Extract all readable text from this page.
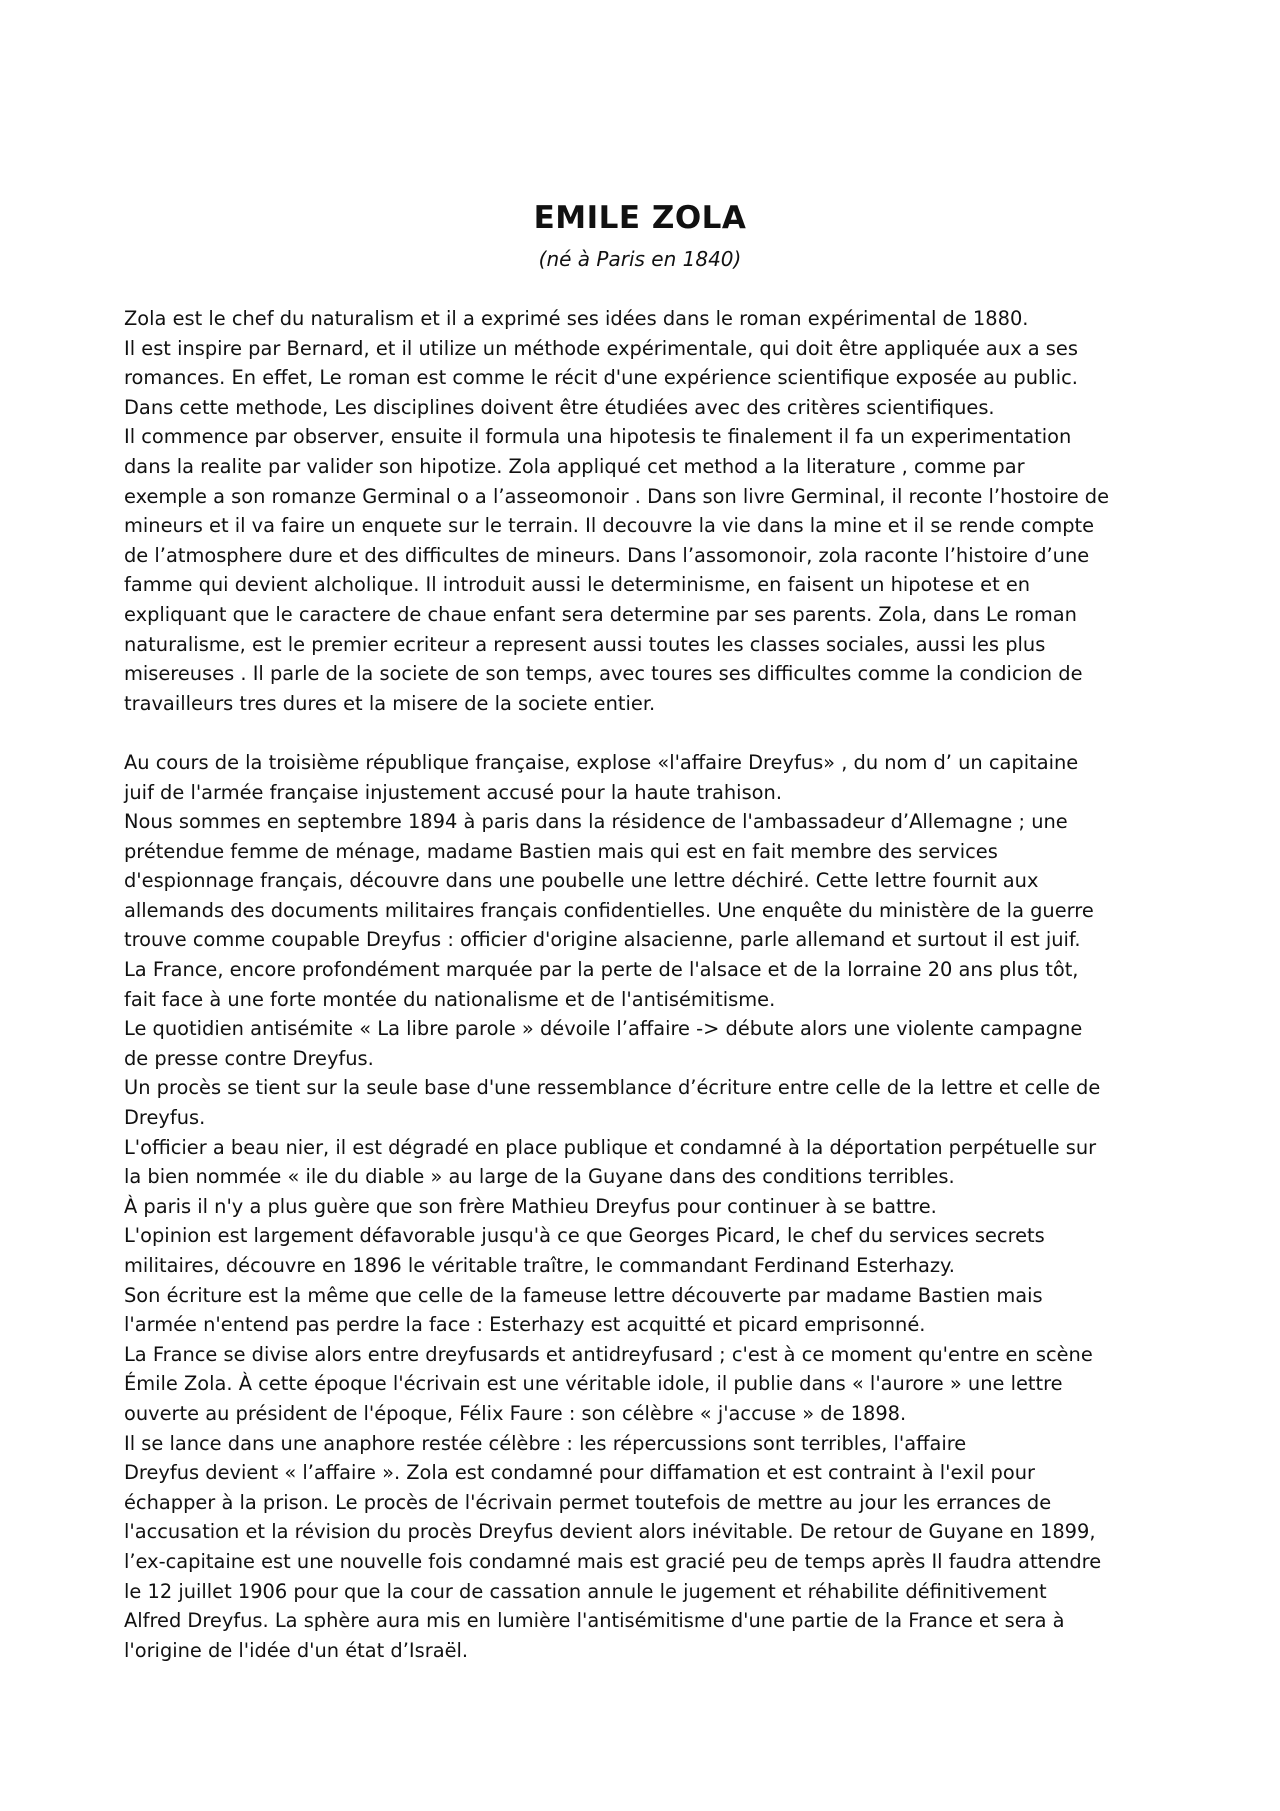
EMILE ZOLA
(né à Paris en 1840)

Zola est le chef du naturalism et il a exprimé ses idées dans le roman expérimental de 1880.
Il est inspire par Bernard, et il utilize un méthode expérimentale, qui doit être appliquée aux a ses
romances. En effet, Le roman est comme le récit d'une expérience scientifique exposée au public.
Dans cette methode, Les disciplines doivent être étudiées avec des critères scientifiques.
Il commence par observer, ensuite il formula una hipotesis te finalement il fa un experimentation
dans la realite par valider son hipotize. Zola appliqué cet method a la literature , comme par
exemple a son romanze Germinal o a l’asseomonoir . Dans son livre Germinal, il reconte l’hostoire de
mineurs et il va faire un enquete sur le terrain. Il decouvre la vie dans la mine et il se rende compte
de l’atmosphere dure et des difficultes de mineurs. Dans l’assomonoir, zola raconte l’histoire d’une
famme qui devient alcholique. Il introduit aussi le determinisme, en faisent un hipotese et en
expliquant que le caractere de chaue enfant sera determine par ses parents. Zola, dans Le roman
naturalisme, est le premier ecriteur a represent aussi toutes les classes sociales, aussi les plus
misereuses . Il parle de la societe de son temps, avec toures ses difficultes comme la condicion de
travailleurs tres dures et la misere de la societe entier.

Au cours de la troisième république française, explose «l'affaire Dreyfus» , du nom d’ un capitaine
juif de l'armée française injustement accusé pour la haute trahison.
Nous sommes en septembre 1894 à paris dans la résidence de l'ambassadeur d’Allemagne ; une
prétendue femme de ménage, madame Bastien mais qui est en fait membre des services
d'espionnage français, découvre dans une poubelle une lettre déchiré. Cette lettre fournit aux
allemands des documents militaires français confidentielles. Une enquête du ministère de la guerre
trouve comme coupable Dreyfus : officier d'origine alsacienne, parle allemand et surtout il est juif.
La France, encore profondément marquée par la perte de l'alsace et de la lorraine 20 ans plus tôt,
fait face à une forte montée du nationalisme et de l'antisémitisme.
Le quotidien antisémite « La libre parole » dévoile l’affaire -> débute alors une violente campagne
de presse contre Dreyfus.
Un procès se tient sur la seule base d'une ressemblance d’écriture entre celle de la lettre et celle de
Dreyfus.
L'officier a beau nier, il est dégradé en place publique et condamné à la déportation perpétuelle sur
la bien nommée « ile du diable » au large de la Guyane dans des conditions terribles.
À paris il n'y a plus guère que son frère Mathieu Dreyfus pour continuer à se battre.
L'opinion est largement défavorable jusqu'à ce que Georges Picard, le chef du services secrets
militaires, découvre en 1896 le véritable traître, le commandant Ferdinand Esterhazy.
Son écriture est la même que celle de la fameuse lettre découverte par madame Bastien mais
l'armée n'entend pas perdre la face : Esterhazy est acquitté et picard emprisonné.
La France se divise alors entre dreyfusards et antidreyfusard ; c'est à ce moment qu'entre en scène
Émile Zola. À cette époque l'écrivain est une véritable idole, il publie dans « l'aurore » une lettre
ouverte au président de l'époque, Félix Faure : son célèbre « j'accuse » de 1898.
Il se lance dans une anaphore restée célèbre : les répercussions sont terribles, l'affaire
Dreyfus devient « l’affaire ». Zola est condamné pour diffamation et est contraint à l'exil pour
échapper à la prison. Le procès de l'écrivain permet toutefois de mettre au jour les errances de
l'accusation et la révision du procès Dreyfus devient alors inévitable. De retour de Guyane en 1899,
l’ex-capitaine est une nouvelle fois condamné mais est gracié peu de temps après Il faudra attendre
le 12 juillet 1906 pour que la cour de cassation annule le jugement et réhabilite définitivement
Alfred Dreyfus. La sphère aura mis en lumière l'antisémitisme d'une partie de la France et sera à
l'origine de l'idée d'un état d’Israël.
